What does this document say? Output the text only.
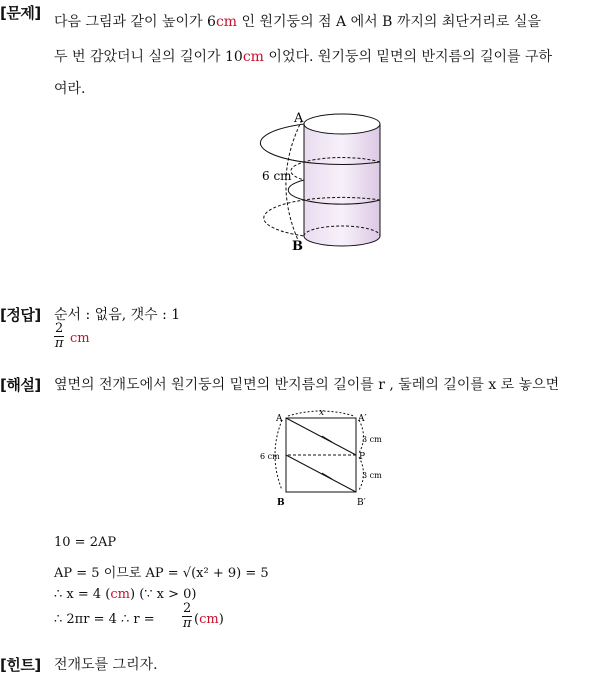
[문제] 다음 그림과 같이 높이가 6cm 인 원기둥의 점 A 에서 B 까지의 최단거리로 실을
두 번 감았더니 실의 길이가 10cm 이었다. 원기둥의 밑면의 반지름의 길이를 구하
여라.
A
B
6 cm
[정답] 순서 : 없음, 갯수 : 1
$\frac{2}{\pi}$ cm
[해설] 옆면의 전개도에서 원기둥의 밑면의 반지름의 길이를 r , 둘레의 길이를 x 로 놓으면
A	A′
B	B′
P
x
3 cm
3 cm
6 cm
10 = 2AP
AP = 5 이므로 AP = √(x² + 9) = 5
∴ x = 4 (cm) (∵ x > 0)
∴ 2πr = 4 ∴ $r = \frac{2}{\pi} (cm)$
[힌트] 전개도를 그리자.
